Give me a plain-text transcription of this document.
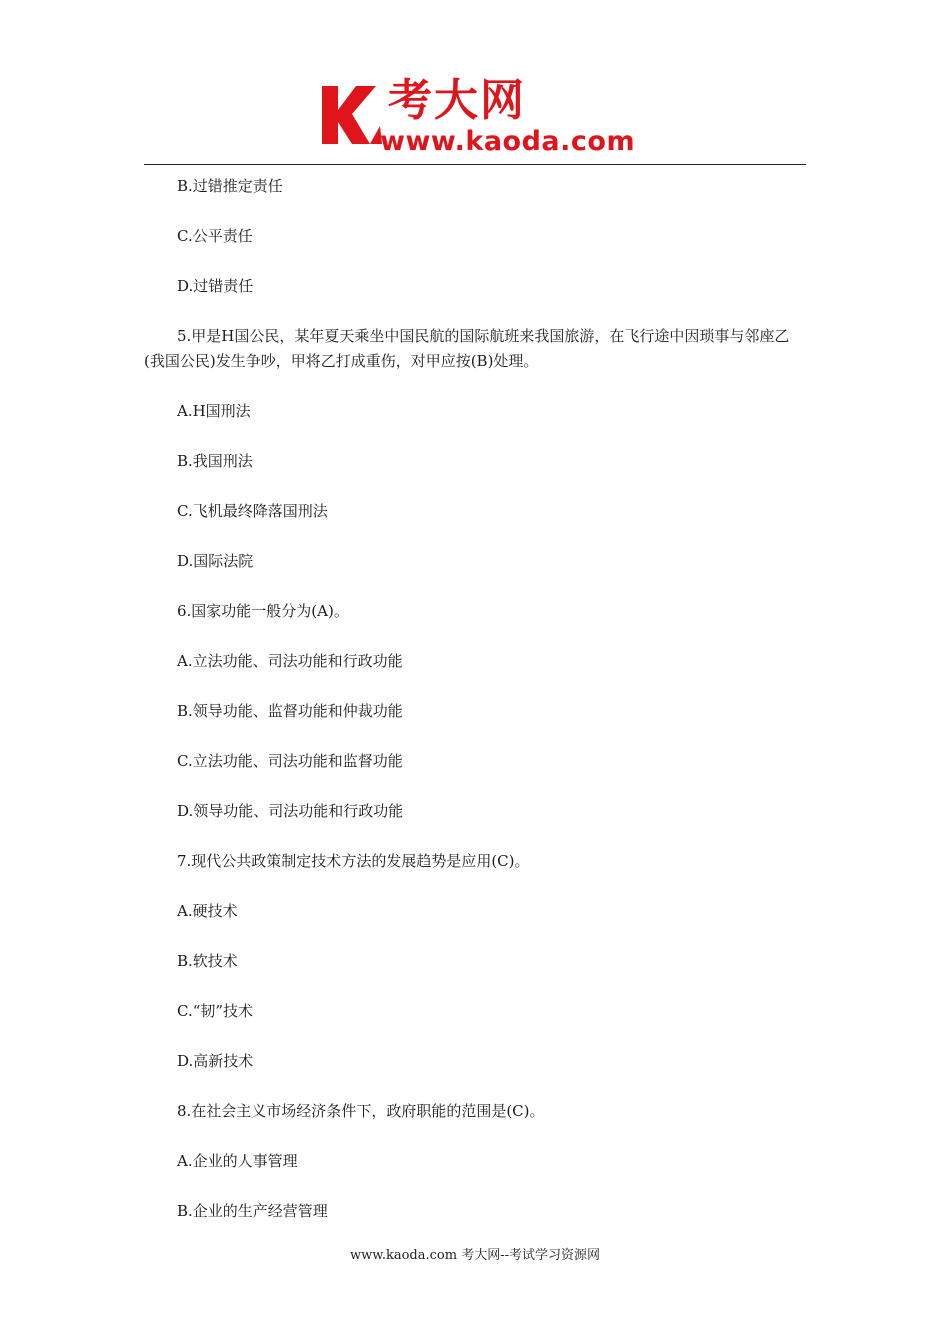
考大网
www.kaoda.com

B.过错推定责任

C.公平责任

D.过错责任

5.甲是H国公民，某年夏天乘坐中国民航的国际航班来我国旅游，在飞行途中因琐事与邻座乙(我国公民)发生争吵，甲将乙打成重伤，对甲应按(B)处理。

A.H国刑法

B.我国刑法

C.飞机最终降落国刑法

D.国际法院

6.国家功能一般分为(A)。

A.立法功能、司法功能和行政功能

B.领导功能、监督功能和仲裁功能

C.立法功能、司法功能和监督功能

D.领导功能、司法功能和行政功能

7.现代公共政策制定技术方法的发展趋势是应用(C)。

A.硬技术

B.软技术

C.“韧”技术

D.高新技术

8.在社会主义市场经济条件下，政府职能的范围是(C)。

A.企业的人事管理

B.企业的生产经营管理

www.kaoda.com 考大网--考试学习资源网
